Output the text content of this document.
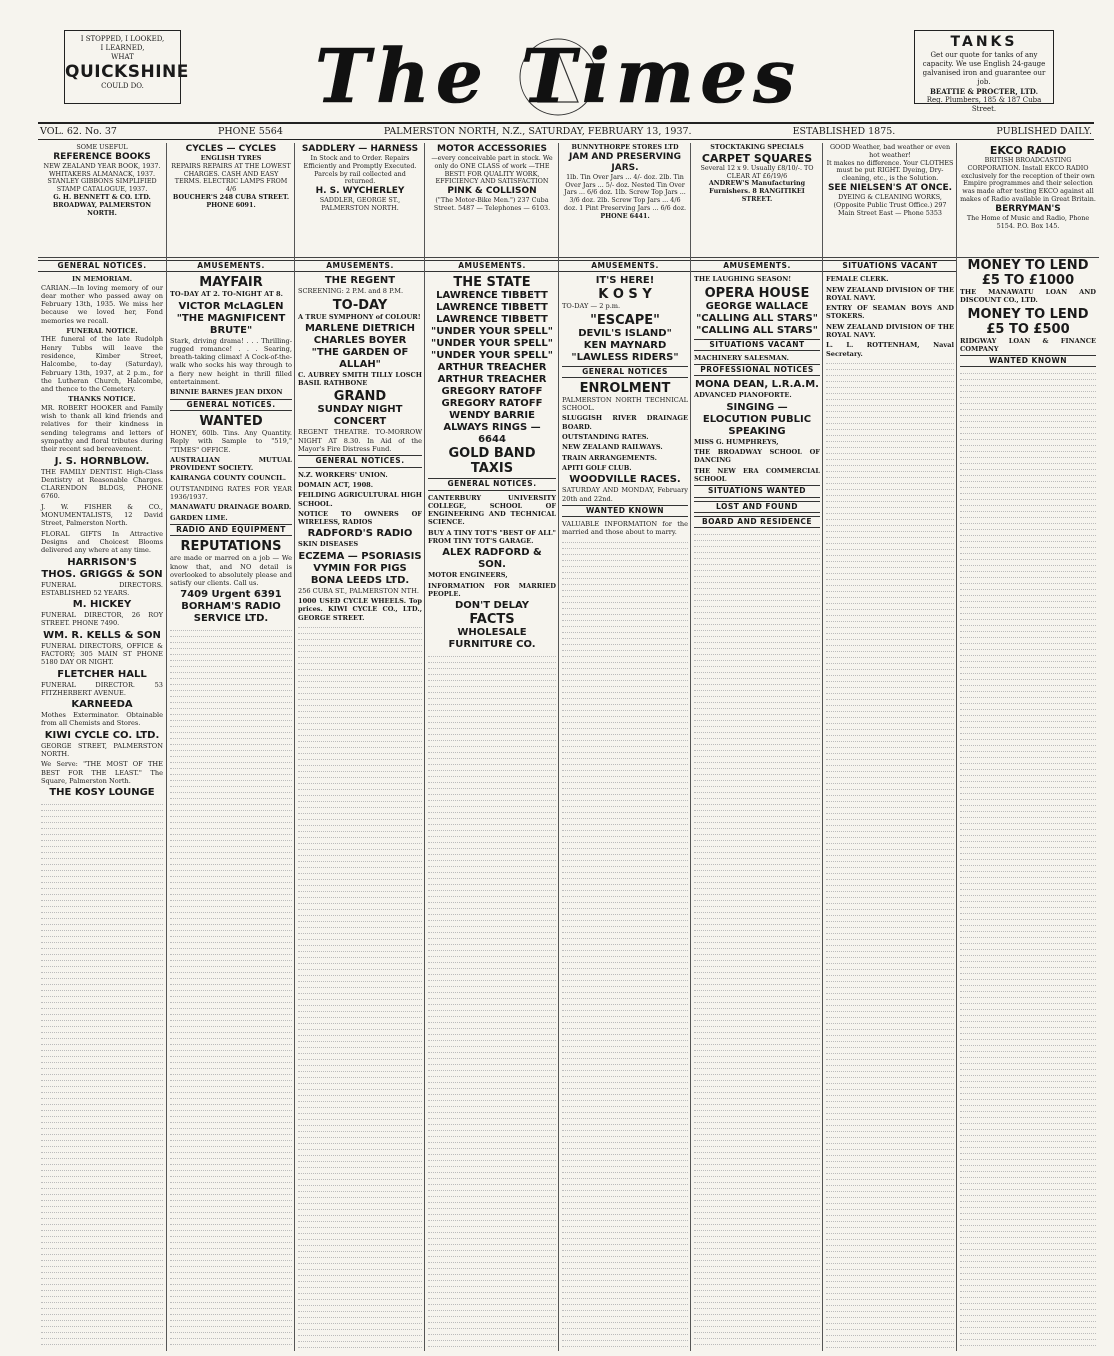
I STOPPED, I LOOKED,
I LEARNED,
WHAT
QUICKSHINE
COULD DO.	The Times	TANKS
Get our quote for tanks of any capacity. We use English 24-gauge galvanised iron and guarantee our job.
BEATTIE & PROCTER, LTD.
Reg. Plumbers, 185 & 187 Cuba Street.
VOL. 62. No. 37	PHONE 5564	PALMERSTON NORTH, N.Z., SATURDAY, FEBRUARY 13, 1937.	ESTABLISHED 1875.	PUBLISHED DAILY.
SOME USEFUL
REFERENCE BOOKS
NEW ZEALAND YEAR BOOK, 1937. WHITAKERS ALMANACK, 1937. STANLEY GIBBONS SIMPLIFIED STAMP CATALOGUE, 1937.
G. H. BENNETT & CO. LTD. BROADWAY, PALMERSTON NORTH.
GENERAL NOTICES.
IN MEMORIAM.

CARIAN.—In loving memory of our dear mother who passed away on February 13th, 1935. We miss her because we loved her, Fond memories we recall.

FUNERAL NOTICE.

THE funeral of the late Rudolph Henry Tubbs will leave the residence, Kimber Street, Halcombe, to-day (Saturday), February 13th, 1937, at 2 p.m., for the Lutheran Church, Halcombe, and thence to the Cemetery.

THANKS NOTICE.

MR. ROBERT HOOKER and Family wish to thank all kind friends and relatives for their kindness in sending telegrams and letters of sympathy and floral tributes during their recent sad bereavement.

J. S. HORNBLOW.

THE FAMILY DENTIST. High-Class Dentistry at Reasonable Charges. CLARENDON BLDGS, PHONE 6760.

J. W. FISHER & CO., MONUMENTALISTS, 12 David Street, Palmerston North.

FLORAL GIFTS In Attractive Designs and Choicest Blooms delivered any where at any time.

HARRISON'S
THOS. GRIGGS & SON

FUNERAL DIRECTORS. ESTABLISHED 52 YEARS.

M. HICKEY

FUNERAL DIRECTOR, 26 ROY STREET. PHONE 7490.

WM. R. KELLS & SON

FUNERAL DIRECTORS, OFFICE & FACTORY; 305 MAIN ST PHONE 5180 DAY OR NIGHT.

FLETCHER HALL

FUNERAL DIRECTOR. 53 FITZHERBERT AVENUE.

KARNEEDA

Mothes Exterminator. Obtainable from all Chemists and Stores.

KIWI CYCLE CO. LTD.

GEORGE STREET, PALMERSTON NORTH.

We Serve: "THE MOST OF THE BEST FOR THE LEAST." The Square, Palmerston North.

THE KOSY LOUNGE
CYCLES — CYCLES
ENGLISH TYRES
REPAIRS REPAIRS AT THE LOWEST CHARGES. CASH AND EASY TERMS. ELECTRIC LAMPS FROM 4/6
BOUCHER'S 248 CUBA STREET. PHONE 6091.
AMUSEMENTS.
MAYFAIR

TO-DAY AT 2. TO-NIGHT AT 8.

VICTOR McLAGLEN
"THE MAGNIFICENT BRUTE"

Stark, driving drama! . . . Thrilling-rugged romance! . . . Searing, breath-taking climax! A Cock-of-the-walk who socks his way through to a fiery new height in thrill filled entertainment.

BINNIE BARNES JEAN DIXON

GENERAL NOTICES.
WANTED

HONEY, 60lb. Tins. Any Quantity. Reply with Sample to "519," "TIMES" OFFICE.

AUSTRALIAN MUTUAL PROVIDENT SOCIETY.

KAIRANGA COUNTY COUNCIL.

OUTSTANDING RATES FOR YEAR 1936/1937.

MANAWATU DRAINAGE BOARD.

GARDEN LIME.

RADIO AND EQUIPMENT
REPUTATIONS

are made or marred on a job — We know that, and NO detail is overlooked to absolutely please and satisfy our clients. Call us.

7409 Urgent 6391
BORHAM'S RADIO SERVICE LTD.
SADDLERY — HARNESS
In Stock and to Order. Repairs Efficiently and Promptly Executed. Parcels by rail collected and returned.
H. S. WYCHERLEY
SADDLER, GEORGE ST., PALMERSTON NORTH.
AMUSEMENTS.
THE REGENT

SCREENING: 2 P.M. and 8 P.M.

TO-DAY

A TRUE SYMPHONY of COLOUR!

MARLENE DIETRICH
CHARLES BOYER
"THE GARDEN OF ALLAH"

C. AUBREY SMITH TILLY LOSCH BASIL RATHBONE

GRAND
SUNDAY NIGHT CONCERT

REGENT THEATRE. TO-MORROW NIGHT AT 8.30. In Aid of the Mayor's Fire Distress Fund.

GENERAL NOTICES.

N.Z. WORKERS' UNION.

DOMAIN ACT, 1908.

FEILDING AGRICULTURAL HIGH SCHOOL.

NOTICE TO OWNERS OF WIRELESS, RADIOS

RADFORD'S RADIO

SKIN DISEASES

ECZEMA — PSORIASIS
VYMIN FOR PIGS
BONA LEEDS LTD.

256 CUBA ST., PALMERSTON NTH.

1000 USED CYCLE WHEELS. Top prices. KIWI CYCLE CO., LTD., GEORGE STREET.

MOTOR ACCESSORIES
—every conceivable part in stock. We only do ONE CLASS of work —THE BEST! FOR QUALITY WORK, EFFICIENCY AND SATISFACTION
PINK & COLLISON
("The Motor-Bike Men.") 237 Cuba Street. 5487 — Telephones — 6103.
AMUSEMENTS.
THE STATE
LAWRENCE TIBBETT
LAWRENCE TIBBETT
LAWRENCE TIBBETT
"UNDER YOUR SPELL"
"UNDER YOUR SPELL"
"UNDER YOUR SPELL"
ARTHUR TREACHER
ARTHUR TREACHER
GREGORY RATOFF
GREGORY RATOFF
WENDY BARRIE
ALWAYS RINGS — 6644
GOLD BAND TAXIS
GENERAL NOTICES.

CANTERBURY UNIVERSITY COLLEGE, SCHOOL OF ENGINEERING AND TECHNICAL SCIENCE.

BUY A TINY TOT'S "BEST OF ALL" FROM TINY TOT'S GARAGE.

ALEX RADFORD & SON.

MOTOR ENGINEERS,

INFORMATION FOR MARRIED PEOPLE.

DON'T DELAY
FACTS
WHOLESALE FURNITURE CO.
BUNNYTHORPE STORES LTD
JAM AND PRESERVING JARS.
1lb. Tin Over Jars ... 4/- doz. 2lb. Tin Over Jars ... 5/- doz. Nested Tin Over Jars ... 6/6 doz. 1lb. Screw Top Jars ... 3/6 doz. 2lb. Screw Top Jars ... 4/6 doz. 1 Pint Preserving Jars ... 6/6 doz.
PHONE 6441.
AMUSEMENTS.
IT'S HERE!
K O S Y

TO-DAY — 2 p.m.

"ESCAPE"
DEVIL'S ISLAND"
KEN MAYNARD
"LAWLESS RIDERS"
GENERAL NOTICES
ENROLMENT

PALMERSTON NORTH TECHNICAL SCHOOL.

SLUGGISH RIVER DRAINAGE BOARD.

OUTSTANDING RATES.

NEW ZEALAND RAILWAYS.

TRAIN ARRANGEMENTS.

APITI GOLF CLUB.

WOODVILLE RACES.

SATURDAY AND MONDAY, February 20th and 22nd.

WANTED KNOWN

VALUABLE INFORMATION for the married and those about to marry.

STOCKTAKING SPECIALS
CARPET SQUARES
Several 12 x 9. Usually £8/10/-. TO CLEAR AT £6/19/6
ANDREW'S Manufacturing Furnishers. 8 RANGITIKEI STREET.
AMUSEMENTS.

THE LAUGHING SEASON!

OPERA HOUSE
GEORGE WALLACE
"CALLING ALL STARS"
"CALLING ALL STARS"
SITUATIONS VACANT

MACHINERY SALESMAN.

PROFESSIONAL NOTICES
MONA DEAN, L.R.A.M.

ADVANCED PIANOFORTE.

SINGING — ELOCUTION PUBLIC SPEAKING

MISS G. HUMPHREYS,

THE BROADWAY SCHOOL OF DANCING

THE NEW ERA COMMERCIAL SCHOOL

SITUATIONS WANTED
LOST AND FOUND
BOARD AND RESIDENCE
GOOD Weather, bad weather or even hot weather!
It makes no difference. Your CLOTHES must be put RIGHT. Dyeing, Dry-cleaning, etc., is the Solution.
SEE NIELSEN'S AT ONCE.
DYEING & CLEANING WORKS, (Opposite Public Trust Office.) 297 Main Street East — Phone 5353
SITUATIONS VACANT

FEMALE CLERK.

NEW ZEALAND DIVISION OF THE ROYAL NAVY.

ENTRY OF SEAMAN BOYS AND STOKERS.

NEW ZEALAND DIVISION OF THE ROYAL NAVY.

L. L. ROTTENHAM, Naval Secretary.

EKCO RADIO
BRITISH BROADCASTING CORPORATION. Install EKCO RADIO exclusively for the reception of their own Empire programmes and their selection was made after testing EKCO against all makes of Radio available in Great Britain.
BERRYMAN'S
The Home of Music and Radio, Phone 5154. P.O. Box 145.
MONEY TO LEND
£5 TO £1000

THE MANAWATU LOAN AND DISCOUNT CO., LTD.

MONEY TO LEND
£5 TO £500

RIDGWAY LOAN & FINANCE COMPANY

WANTED KNOWN
